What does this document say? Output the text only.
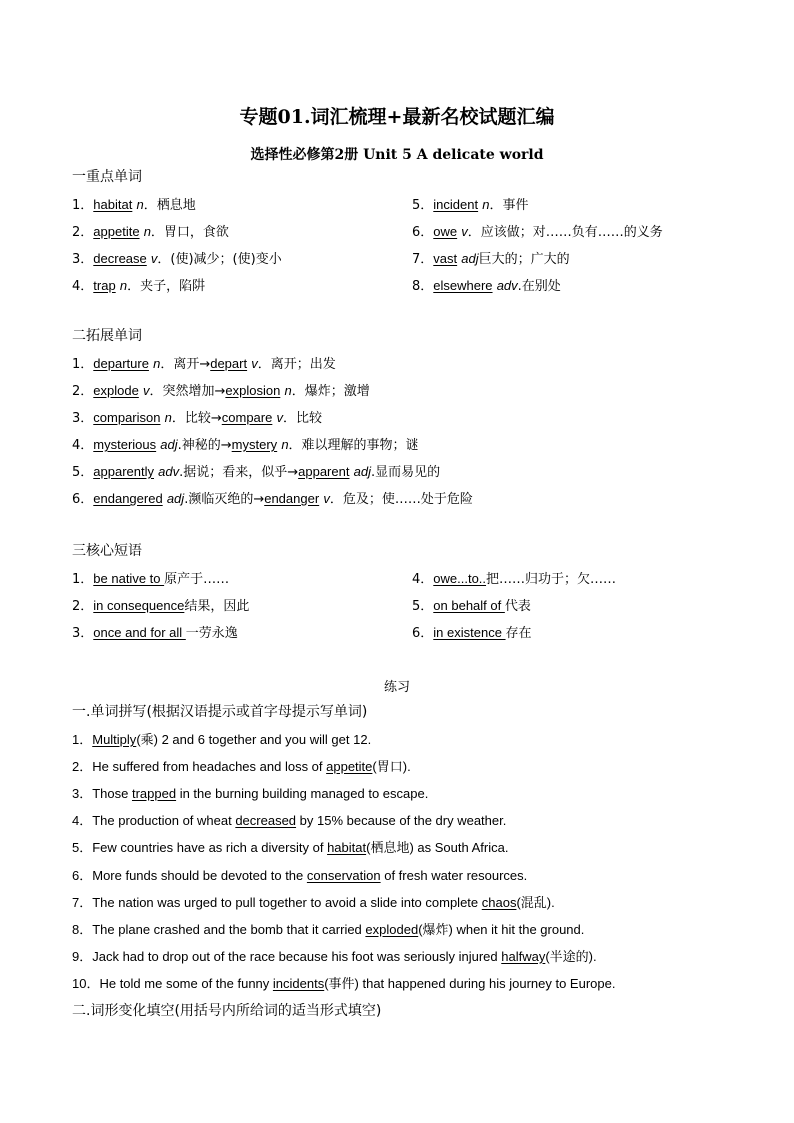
专题01.词汇梳理+最新名校试题汇编
选择性必修第2册 Unit 5 A delicate world
一重点单词
1．habitat n．栖息地	5．incident n．事件
2．appetite n．胃口，食欲	6．owe v．应该做；对……负有……的义务
3．decrease v．(使)减少；(使)变小	7．vast adj巨大的；广大的
4．trap n．夹子，陷阱	8．elsewhere adv.在别处
二拓展单词
1．departure n．离开→depart v．离开；出发
2．explode v．突然增加→explosion n．爆炸；激增
3．comparison n．比较→compare v．比较
4．mysterious adj.神秘的→mystery n．难以理解的事物；谜
5．apparently adv.据说；看来，似乎→apparent adj.显而易见的
6．endangered adj.濒临灭绝的→endanger v．危及；使……处于危险
三核心短语
1．be native to 原产于……	4．owe...to..把……归功于；欠……
2．in consequence结果，因此	5．on behalf of 代表
3．once and for all 一劳永逸	6．in existence 存在
练习
一.单词拼写(根据汉语提示或首字母提示写单词)
1．Multiply(乘) 2 and 6 together and you will get 12.
2．He suffered from headaches and loss of appetite(胃口).
3．Those trapped in the burning building managed to escape.
4．The production of wheat decreased by 15% because of the dry weather.
5．Few countries have as rich a diversity of habitat(栖息地) as South Africa.
6．More funds should be devoted to the conservation of fresh water resources.
7．The nation was urged to pull together to avoid a slide into complete chaos(混乱).
8．The plane crashed and the bomb that it carried exploded(爆炸) when it hit the ground.
9．Jack had to drop out of the race because his foot was seriously injured halfway(半途的).
10．He told me some of the funny incidents(事件) that happened during his journey to Europe.
二.词形变化填空(用括号内所给词的适当形式填空)
